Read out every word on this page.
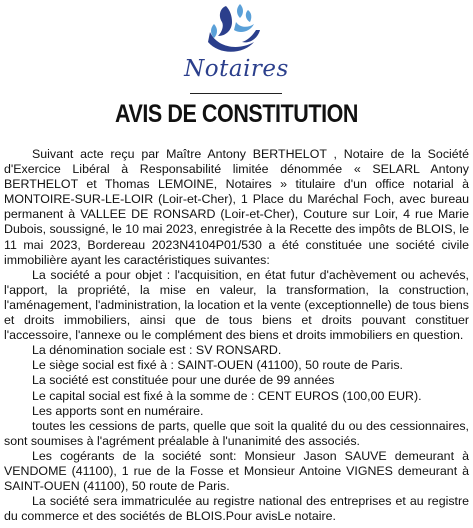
Notaires
AVIS DE CONSTITUTION

Suivant acte reçu par Maître Antony BERTHELOT , Notaire de la Société d'Exercice Libéral à Responsabilité limitée dénommée « SELARL Antony BERTHELOT et Thomas LEMOINE, Notaires » titulaire d'un office notarial à MONTOIRE-SUR-LE-LOIR (Loir-et-Cher), 1 Place du Maréchal Foch, avec bureau permanent à VALLEE DE RONSARD (Loir-et-Cher), Couture sur Loir, 4 rue Marie Dubois, soussigné, le 10 mai 2023, enregistrée à la Recette des impôts de BLOIS, le 11 mai 2023, Bordereau 2023N4104P01/530 a été constituée une société civile immobilière ayant les caractéristiques suivantes:

La société a pour objet : l'acquisition, en état futur d'achèvement ou achevés, l'apport, la propriété, la mise en valeur, la transformation, la construction, l'aménagement, l'administration, la location et la vente (exceptionnelle) de tous biens et droits immobiliers, ainsi que de tous biens et droits pouvant constituer l'accessoire, l'annexe ou le complément des biens et droits immobiliers en question.

La dénomination sociale est : SV RONSARD.

Le siège social est fixé à : SAINT-OUEN (41100), 50 route de Paris.

La société est constituée pour une durée de 99 années

Le capital social est fixé à la somme de : CENT EUROS (100,00 EUR).

Les apports sont en numéraire.

toutes les cessions de parts, quelle que soit la qualité du ou des cessionnaires, sont soumises à l'agrément préalable à l'unanimité des associés.

Les cogérants de la société sont: Monsieur Jason SAUVE demeurant à VENDOME (41100), 1 rue de la Fosse et Monsieur Antoine VIGNES demeurant à SAINT-OUEN (41100), 50 route de Paris.

La société sera immatriculée au registre national des entreprises et au registre du commerce et des sociétés de BLOIS.Pour avisLe notaire.
